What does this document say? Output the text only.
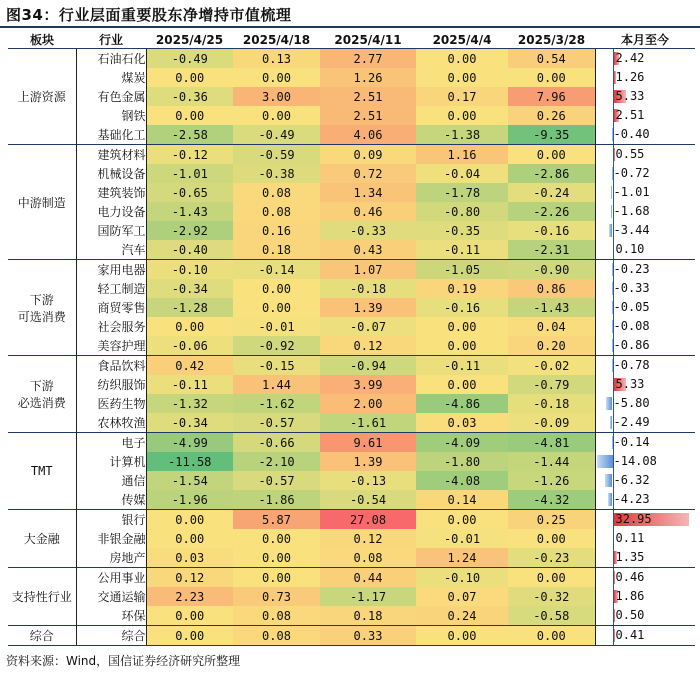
图34：行业层面重要股东净增持市值梳理
板块	行业	2025/4/25	2025/4/18	2025/4/11	2025/4/4	2025/3/28	本月至今
上游资源	石油石化	-0.49	0.13	2.77	0.00	0.54	2.42

	煤炭	0.00	0.00	1.26	0.00	0.00	1.26

	有色金属	-0.36	3.00	2.51	0.17	7.96	5.33

	钢铁	0.00	0.00	2.51	0.00	0.26	2.51

	基础化工	-2.58	-0.49	4.06	-1.38	-9.35	-0.40

中游制造	建筑材料	-0.12	-0.59	0.09	1.16	0.00	0.55

	机械设备	-1.01	-0.38	0.72	-0.04	-2.86	-0.72

	建筑装饰	-0.65	0.08	1.34	-1.78	-0.24	-1.01

	电力设备	-1.43	0.08	0.46	-0.80	-2.26	-1.68

	国防军工	-2.92	0.16	-0.33	-0.35	-0.16	-3.44

	汽车	-0.40	0.18	0.43	-0.11	-2.31	0.10

下游
可选消费	家用电器	-0.10	-0.14	1.07	-1.05	-0.90	-0.23

	轻工制造	-0.34	0.00	-0.18	0.19	0.86	-0.33

	商贸零售	-1.28	0.00	1.39	-0.16	-1.43	-0.05

	社会服务	0.00	-0.01	-0.07	0.00	0.04	-0.08

	美容护理	-0.06	-0.92	0.12	0.00	0.20	-0.86

下游
必选消费	食品饮料	0.42	-0.15	-0.94	-0.11	-0.02	-0.78

	纺织服饰	-0.11	1.44	3.99	0.00	-0.79	5.33

	医药生物	-1.32	-1.62	2.00	-4.86	-0.18	-5.80

	农林牧渔	-0.34	-0.57	-1.61	0.03	-0.09	-2.49

TMT	电子	-4.99	-0.66	9.61	-4.09	-4.81	-0.14

	计算机	-11.58	-2.10	1.39	-1.80	-1.44	-14.08

	通信	-1.54	-0.57	-0.13	-4.08	-1.26	-6.32

	传媒	-1.96	-1.86	-0.54	0.14	-4.32	-4.23

大金融	银行	0.00	5.87	27.08	0.00	0.25	32.95

	非银金融	0.00	0.00	0.12	-0.01	0.00	0.11

	房地产	0.03	0.00	0.08	1.24	-0.23	1.35

支持性行业	公用事业	0.12	0.00	0.44	-0.10	0.00	0.46

	交通运输	2.23	0.73	-1.17	0.07	-0.32	1.86

	环保	0.00	0.08	0.18	0.24	-0.58	0.50

综合	综合	0.00	0.08	0.33	0.00	0.00	0.41
资料来源：Wind，国信证券经济研究所整理
